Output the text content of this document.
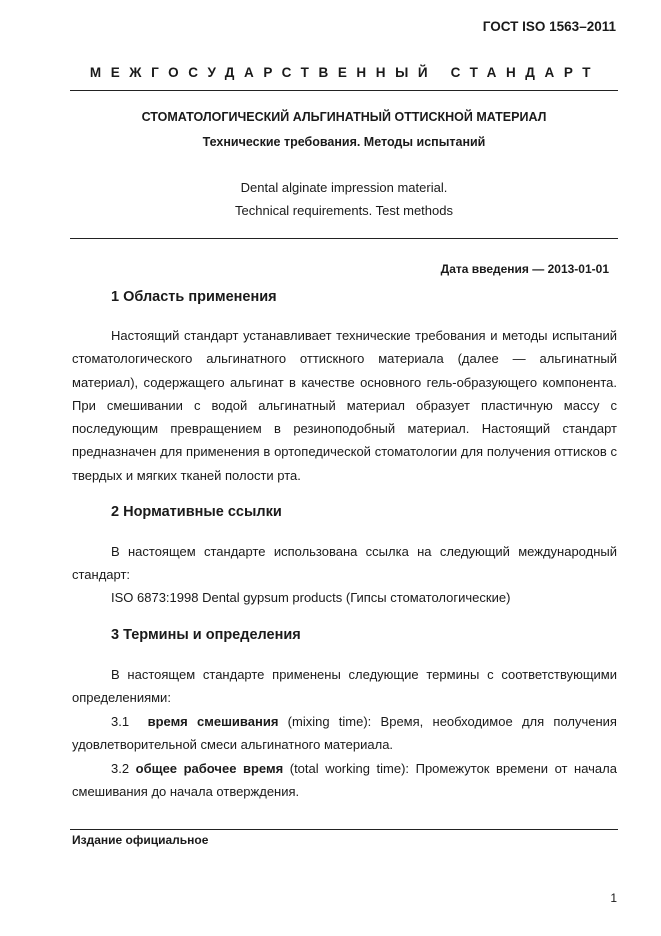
ГОСТ ISO 1563–2011
МЕЖГОСУДАРСТВЕННЫЙ СТАНДАРТ
СТОМАТОЛОГИЧЕСКИЙ АЛЬГИНАТНЫЙ ОТТИСКНОЙ МАТЕРИАЛ
Технические требования. Методы испытаний
Dental alginate impression material.
Technical requirements. Test methods
Дата введения — 2013-01-01
1 Область применения

Настоящий стандарт устанавливает технические требования и методы испытаний стоматологического альгинатного оттискного материала (далее — альгинатный материал), содержащего альгинат в качестве основного гель-образующего компонента. При смешивании с водой альгинатный материал образует пластичную массу с последующим превращением в резиноподобный материал. Настоящий стандарт предназначен для применения в ортопедической стоматологии для получения оттисков с твердых и мягких тканей полости рта.

2 Нормативные ссылки

В настоящем стандарте использована ссылка на следующий международный стандарт:

ISO 6873:1998 Dental gypsum products (Гипсы стоматологические)
3 Термины и определения

В настоящем стандарте применены следующие термины с соответствующими определениями:

3.1 время смешивания (mixing time): Время, необходимое для получения удовлетворительной смеси альгинатного материала.

3.2 общее рабочее время (total working time): Промежуток времени от начала смешивания до начала отверждения.

Издание официальное
1
